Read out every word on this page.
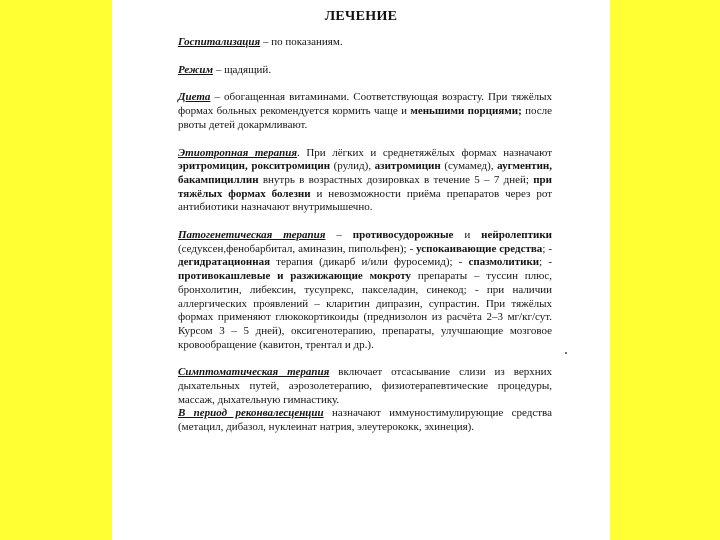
ЛЕЧЕНИЕ

Госпитализация – по показаниям.

Режим – щадящий.

Диета – обогащенная витаминами. Соответствующая возрасту. При тяжёлых формах больных рекомендуется кормить чаще и меньшими порциями; после рвоты детей докармливают.

Этиотропная терапия. При лёгких и среднетяжёлых формах назначают эритромицин, рокситромицин (рулид), азитромицин (сумамед), аугментин, бакампициллин внутрь в возрастных дозировках в течение 5 – 7 дней; при тяжёлых формах болезни и невозможности приёма препаратов через рот антибиотики назначают внутримышечно.

Патогенетическая терапия – противосудорожные и нейролептики (седуксен,фенобарбитал, аминазин, пипольфен); - успокаивающие средства; - дегидратационная терапия (дикарб и/или фуросемид); - спазмолитики; - противокашлевые и разжижающие мокроту препараты – туссин плюс, бронхолитин, либексин, тусупрекс, пакселадин, синекод; - при наличии аллергических проявлений – кларитин дипразин, супрастин. При тяжёлых формах применяют глюкокортикоиды (преднизолон из расчёта 2–3 мг/кг/сут. Курсом 3 – 5 дней), оксигенотерапию, препараты, улучшающие мозговое кровообращение (кавитон, трентал и др.).

Симптоматическая терапия включает отсасывание слизи из верхних дыхательных путей, аэрозолетерапию, физиотерапевтические процедуры, массаж, дыхательную гимнастику.

В период реконвалесценции назначают иммуностимулирующие средства (метацил, дибазол, нуклеинат натрия, элеутерококк, эхинеция).
